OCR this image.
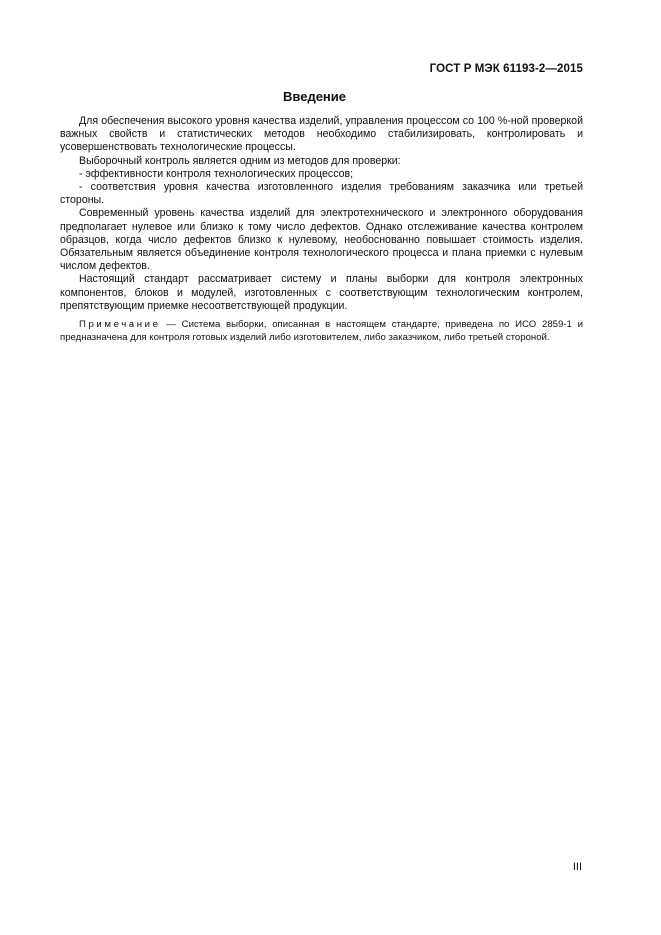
ГОСТ Р МЭК 61193-2—2015
Введение

Для обеспечения высокого уровня качества изделий, управления процессом со 100 %-ной проверкой важных свойств и статистических методов необходимо стабилизировать, контролировать и усовершенствовать технологические процессы.

Выборочный контроль является одним из методов для проверки:

- эффективности контроля технологических процессов;

- соответствия уровня качества изготовленного изделия требованиям заказчика или третьей стороны.

Современный уровень качества изделий для электротехнического и электронного оборудования предполагает нулевое или близко к тому число дефектов. Однако отслеживание качества контролем образцов, когда число дефектов близко к нулевому, необоснованно повышает стоимость изделия. Обязательным является объединение контроля технологического процесса и плана приемки с нулевым числом дефектов.

Настоящий стандарт рассматривает систему и планы выборки для контроля электронных компонентов, блоков и модулей, изготовленных с соответствующим технологическим контролем, препятствующим приемке несоответствующей продукции.

Примечание — Система выборки, описанная в настоящем стандарте, приведена по ИСО 2859-1 и предназначена для контроля готовых изделий либо изготовителем, либо заказчиком, либо третьей стороной.

III
